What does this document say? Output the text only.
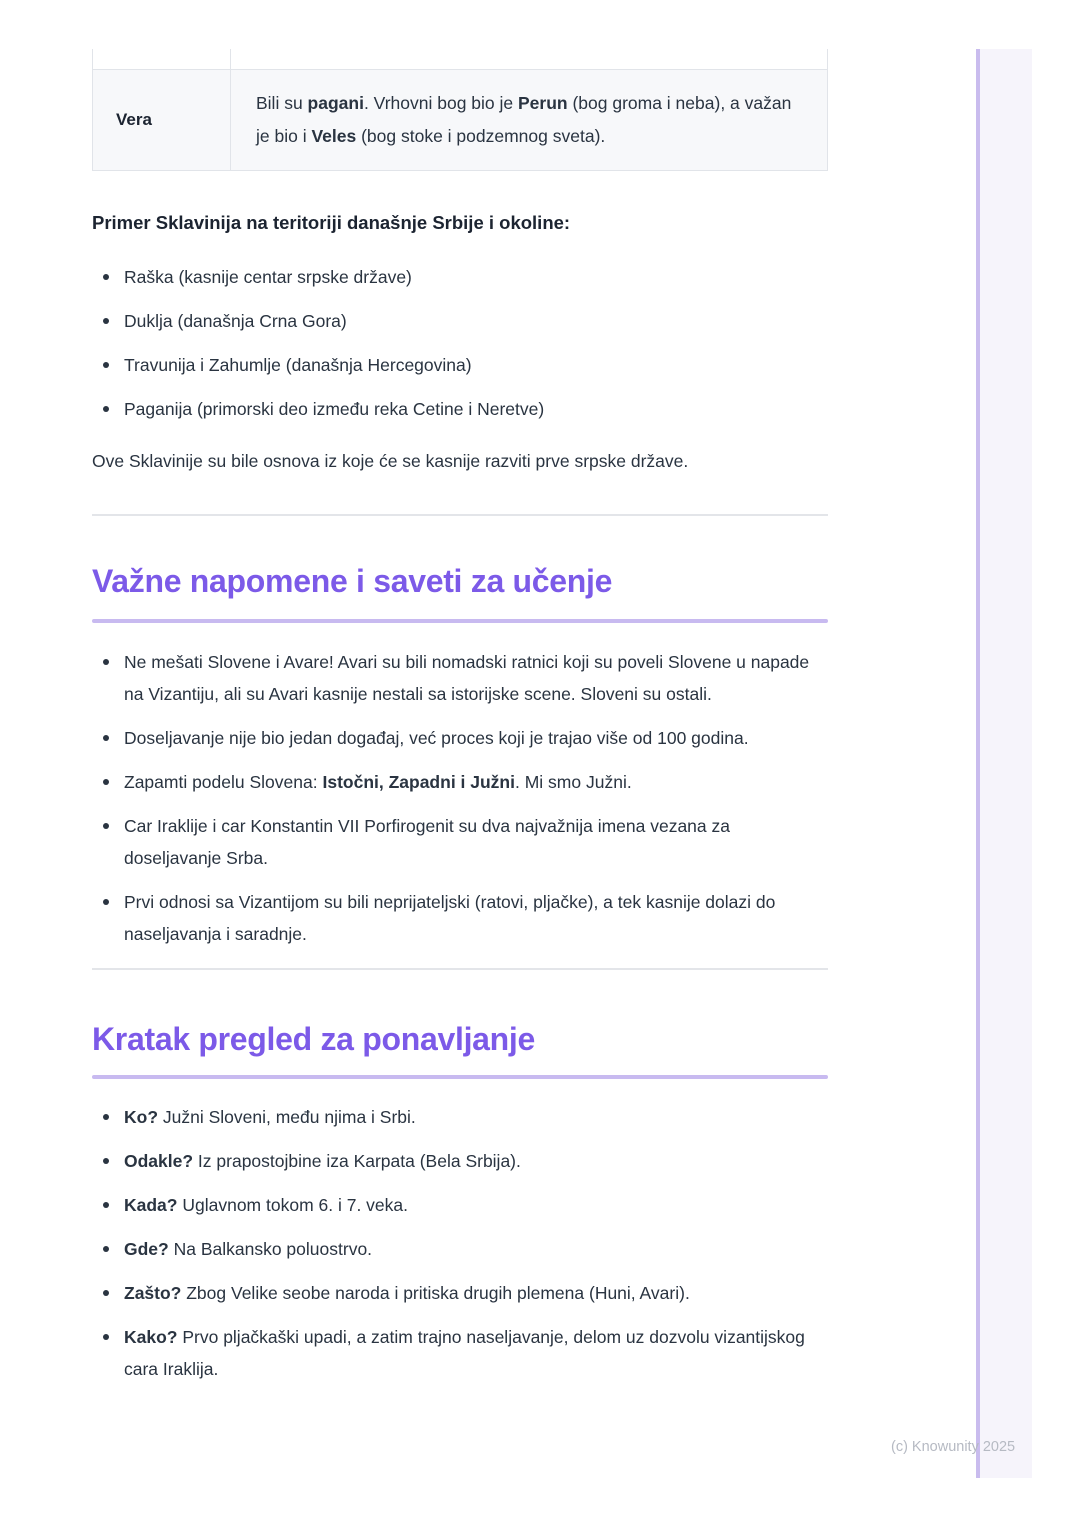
Vera

Bili su pagani. Vrhovni bog bio je Perun (bog groma i neba), a važan je bio i Veles (bog stoke i podzemnog sveta).

Primer Sklavinija na teritoriji današnje Srbije i okoline:
Raška (kasnije centar srpske države)
Duklja (današnja Crna Gora)
Travunija i Zahumlje (današnja Hercegovina)
Paganija (primorski deo između reka Cetine i Neretve)

Ove Sklavinije su bile osnova iz koje će se kasnije razviti prve srpske države.

Važne napomene i saveti za učenje
Ne mešati Slovene i Avare! Avari su bili nomadski ratnici koji su poveli Slovene u napade na Vizantiju, ali su Avari kasnije nestali sa istorijske scene. Sloveni su ostali.
Doseljavanje nije bio jedan događaj, već proces koji je trajao više od 100 godina.
Zapamti podelu Slovena: Istočni, Zapadni i Južni. Mi smo Južni.
Car Iraklije i car Konstantin VII Porfirogenit su dva najvažnija imena vezana za doseljavanje Srba.
Prvi odnosi sa Vizantijom su bili neprijateljski (ratovi, pljačke), a tek kasnije dolazi do naseljavanja i saradnje.
Kratak pregled za ponavljanje
Ko? Južni Sloveni, među njima i Srbi.
Odakle? Iz prapostojbine iza Karpata (Bela Srbija).
Kada? Uglavnom tokom 6. i 7. veka.
Gde? Na Balkansko poluostrvo.
Zašto? Zbog Velike seobe naroda i pritiska drugih plemena (Huni, Avari).
Kako? Prvo pljačkaški upadi, a zatim trajno naseljavanje, delom uz dozvolu vizantijskog cara Iraklija.
(c) Knowunity 2025
